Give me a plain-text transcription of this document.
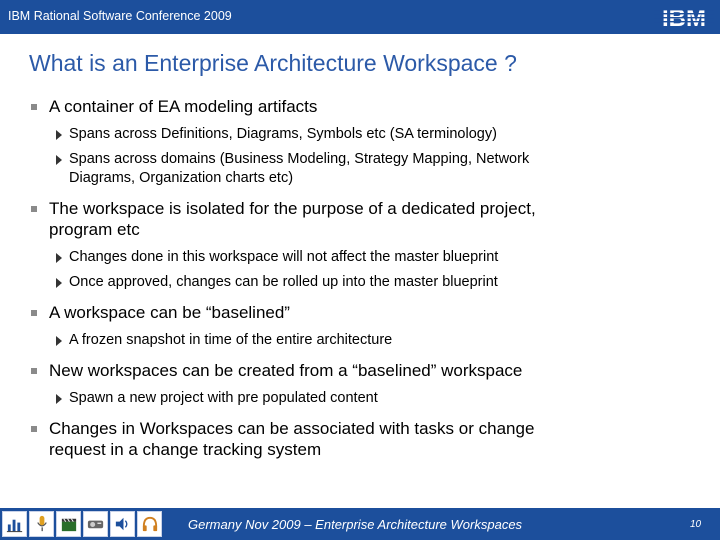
IBM Rational Software Conference 2009
What is an Enterprise Architecture Workspace ?
A container of EA modeling artifacts
Spans across Definitions, Diagrams, Symbols etc (SA terminology)
Spans across domains (Business Modeling, Strategy Mapping, Network Diagrams, Organization charts etc)
The workspace is isolated for the purpose of a dedicated project, program etc
Changes done in this workspace will not affect the master blueprint
Once approved, changes can be rolled up into the master blueprint
A workspace can be “baselined”
A frozen snapshot in time of the entire architecture
New workspaces can be created from a “baselined” workspace
Spawn a new project with pre populated content
Changes in Workspaces can be associated with tasks or change request in a change tracking system
Germany Nov 2009 – Enterprise Architecture Workspaces	10
